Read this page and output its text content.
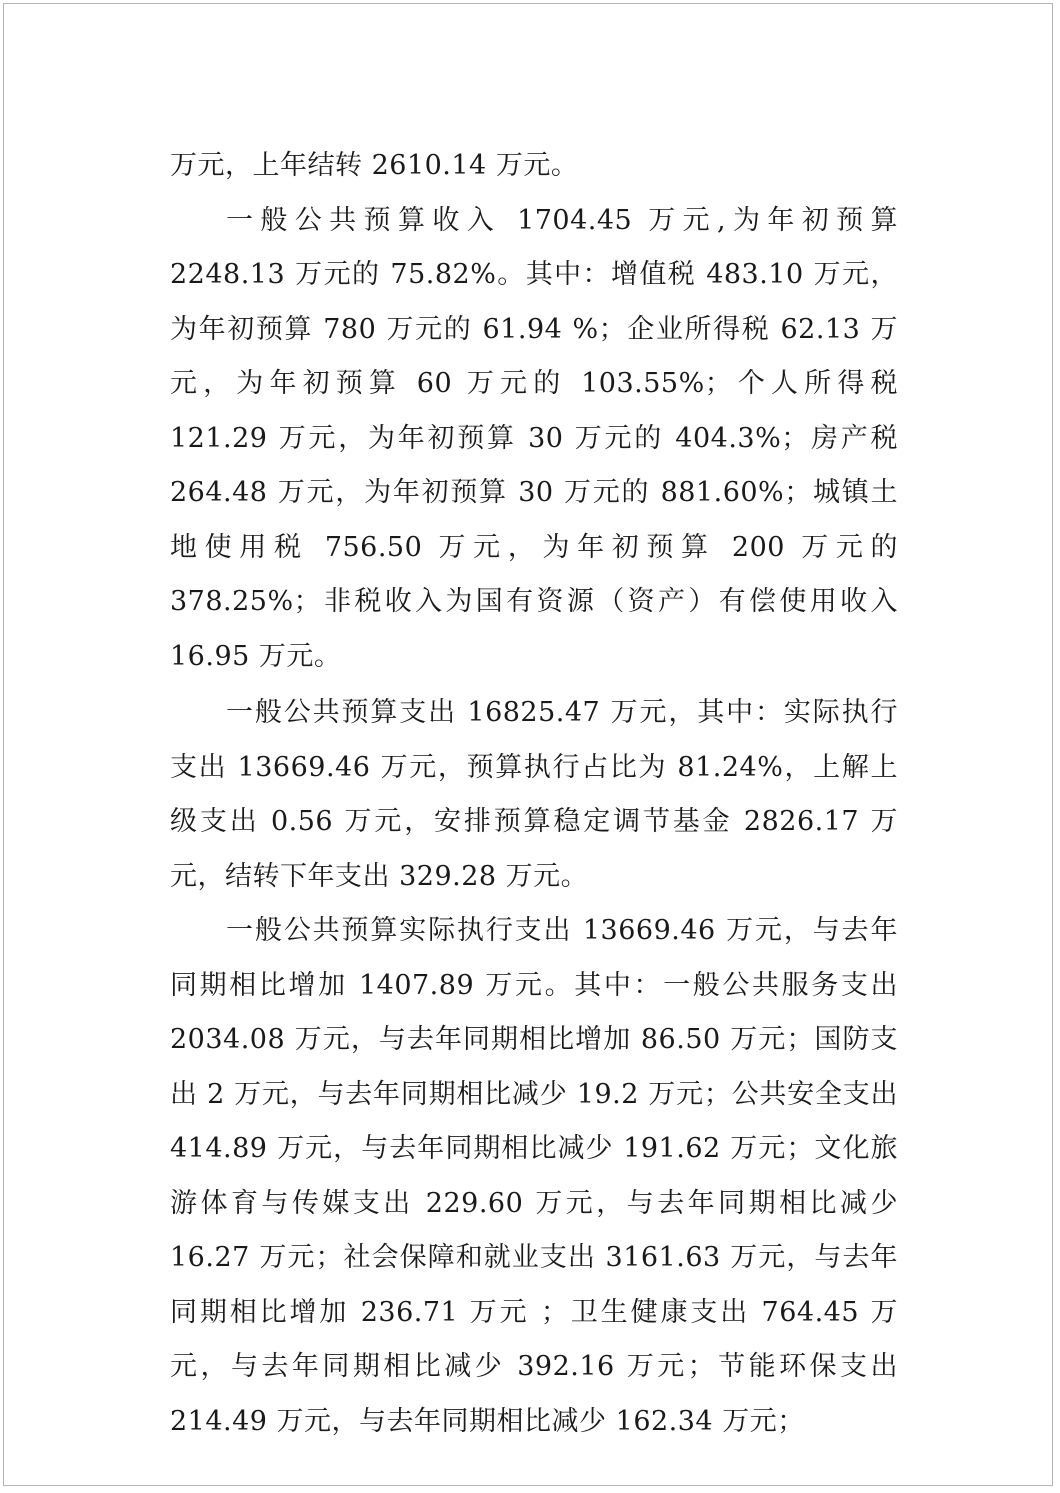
万元，上年结转 2610.14 万元。

一般公共预算收入 1704.45 万元,为年初预算 2248.13 万元的 75.82%。其中：增值税 483.10 万元，为年初预算 780 万元的 61.94 %；企业所得税 62.13 万元，为年初预算 60 万元的 103.55%；个人所得税 121.29 万元，为年初预算 30 万元的 404.3%；房产税 264.48 万元，为年初预算 30 万元的 881.60%；城镇土地使用税 756.50 万元，为年初预算 200 万元的 378.25%；非税收入为国有资源（资产）有偿使用收入 16.95 万元。

一般公共预算支出 16825.47 万元，其中：实际执行支出 13669.46 万元，预算执行占比为 81.24%，上解上级支出 0.56 万元，安排预算稳定调节基金 2826.17 万元，结转下年支出 329.28 万元。

一般公共预算实际执行支出 13669.46 万元，与去年同期相比增加 1407.89 万元。其中：一般公共服务支出 2034.08 万元，与去年同期相比增加 86.50 万元；国防支出 2 万元，与去年同期相比减少 19.2 万元；公共安全支出 414.89 万元，与去年同期相比减少 191.62 万元；文化旅游体育与传媒支出 229.60 万元，与去年同期相比减少 16.27 万元；社会保障和就业支出 3161.63 万元，与去年同期相比增加 236.71 万元 ；卫生健康支出 764.45 万元，与去年同期相比减少 392.16 万元；节能环保支出 214.49 万元，与去年同期相比减少 162.34 万元；
